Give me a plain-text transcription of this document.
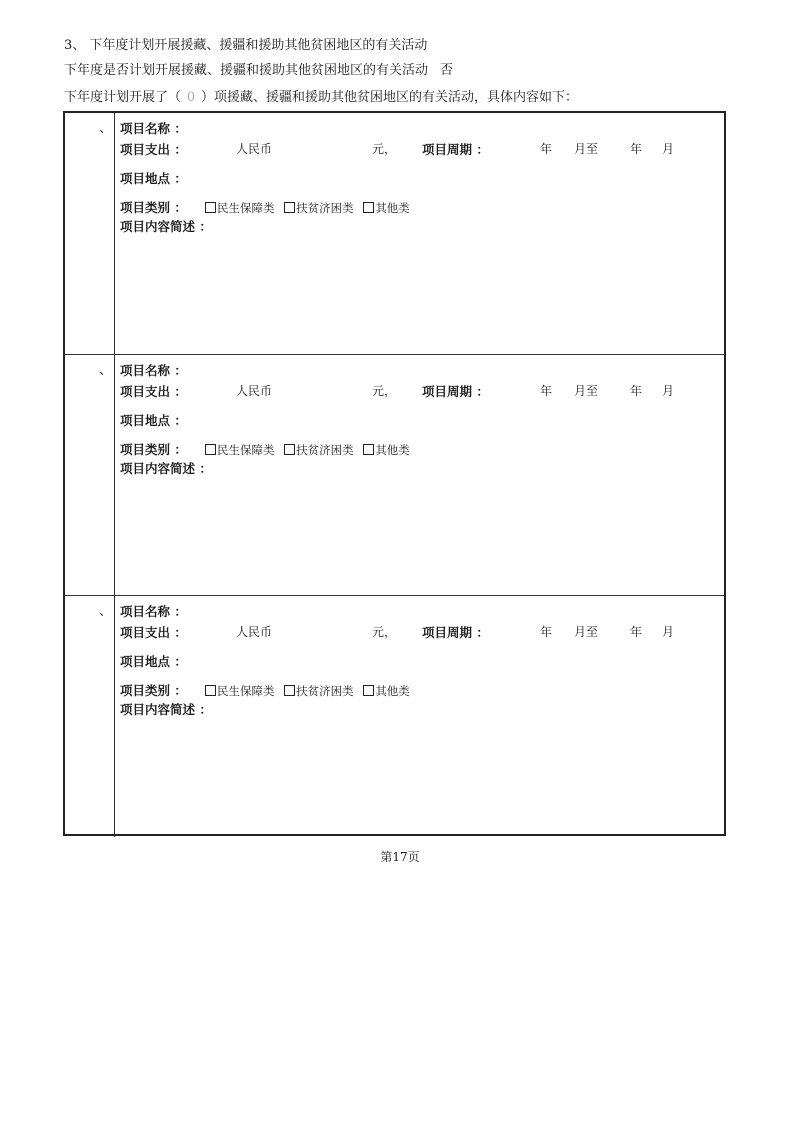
3、 下年度计划开展援藏、援疆和援助其他贫困地区的有关活动
下年度是否计划开展援藏、援疆和援助其他贫困地区的有关活动 否
下年度计划开展了（ 0 ）项援藏、援疆和援助其他贫困地区的有关活动，具体内容如下：
、 项目名称 ：
项目支出 ：	人民币	元， 项目周期 ：	年 月至	年 月
项目地点 ：
项目类别 ：	民生保障类 扶贫济困类 其他类
项目内容简述 ：
、 项目名称 ：
项目支出 ：	人民币	元， 项目周期 ：	年 月至	年 月
项目地点 ：
项目类别 ：	民生保障类 扶贫济困类 其他类
项目内容简述 ：
、 项目名称 ：
项目支出 ：	人民币	元， 项目周期 ：	年 月至	年 月
项目地点 ：
项目类别 ：	民生保障类 扶贫济困类 其他类
项目内容简述 ：
第17页
